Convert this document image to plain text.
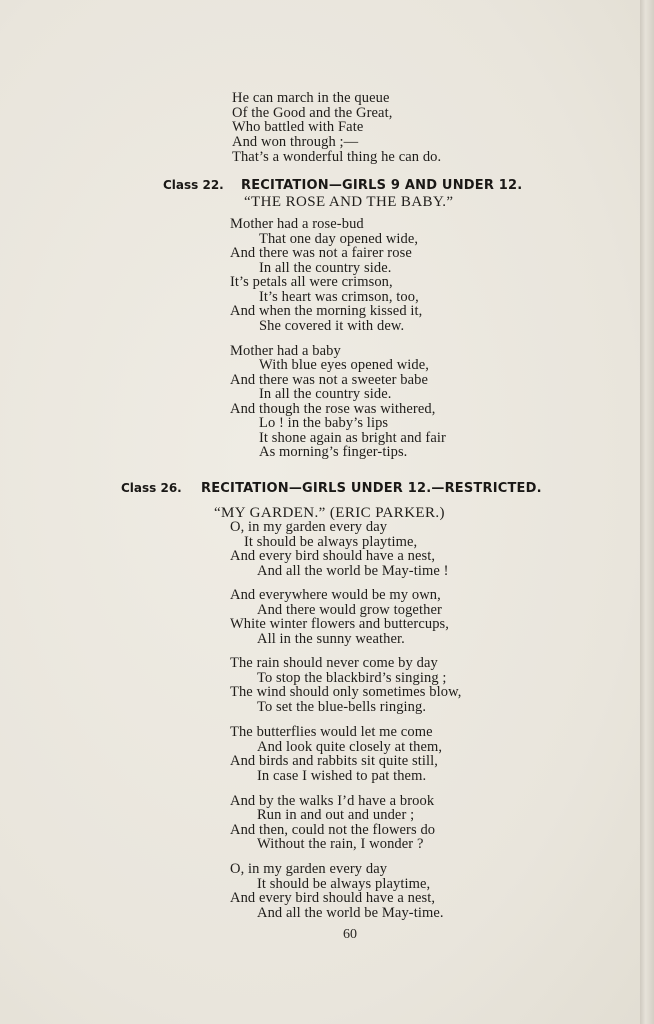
He can march in the queue
Of the Good and the Great,
Who battled with Fate
And won through ;—
That’s a wonderful thing he can do.
Class 22. RECITATION—GIRLS 9 AND UNDER 12.
“THE ROSE AND THE BABY.”
Mother had a rose-bud
That one day opened wide,
And there was not a fairer rose
In all the country side.
It’s petals all were crimson,
It’s heart was crimson, too,
And when the morning kissed it,
She covered it with dew.
Mother had a baby
With blue eyes opened wide,
And there was not a sweeter babe
In all the country side.
And though the rose was withered,
Lo ! in the baby’s lips
It shone again as bright and fair
As morning’s finger-tips.
Class 26. RECITATION—GIRLS UNDER 12.—RESTRICTED.
“MY GARDEN.” (ERIC PARKER.)
O, in my garden every day
It should be always playtime,
And every bird should have a nest,
And all the world be May-time !
And everywhere would be my own,
And there would grow together
White winter flowers and buttercups,
All in the sunny weather.
The rain should never come by day
To stop the blackbird’s singing ;
The wind should only sometimes blow,
To set the blue-bells ringing.
The butterflies would let me come
And look quite closely at them,
And birds and rabbits sit quite still,
In case I wished to pat them.
And by the walks I’d have a brook
Run in and out and under ;
And then, could not the flowers do
Without the rain, I wonder ?
O, in my garden every day
It should be always playtime,
And every bird should have a nest,
And all the world be May-time.
60
